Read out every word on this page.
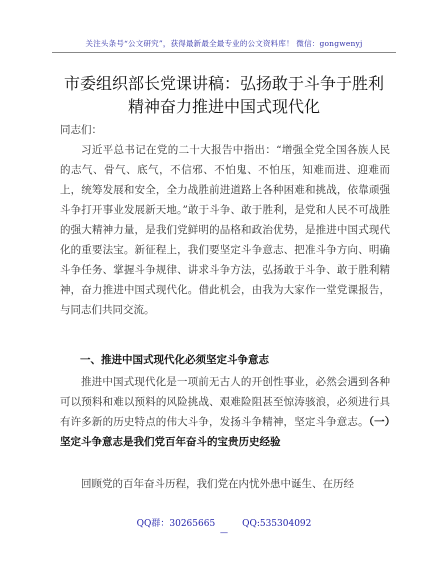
关注头条号“公文研究”，获得最新最全最专业的公文资料库！ 微信：gongwenyj
市委组织部长党课讲稿：弘扬敢于斗争于胜利
精神奋力推进中国式现代化
同志们：

习近平总书记在党的二十大报告中指出：“增强全党全国各族人民的志气、骨气、底气，不信邪、不怕鬼、不怕压，知难而进、迎难而上，统筹发展和安全，全力战胜前进道路上各种困难和挑战，依靠顽强斗争打开事业发展新天地。”敢于斗争、敢于胜利，是党和人民不可战胜的强大精神力量，是我们党鲜明的品格和政治优势，是推进中国式现代化的重要法宝。新征程上，我们要坚定斗争意志、把准斗争方向、明确斗争任务、掌握斗争规律、讲求斗争方法，弘扬敢于斗争、敢于胜利精神，奋力推进中国式现代化。借此机会，由我为大家作一堂党课报告，与同志们共同交流。

一、推进中国式现代化必须坚定斗争意志

推进中国式现代化是一项前无古人的开创性事业，必然会遇到各种可以预料和难以预料的风险挑战、艰难险阻甚至惊涛骇浪，必须进行具有许多新的历史特点的伟大斗争，发扬斗争精神，坚定斗争意志。（一）坚定斗争意志是我们党百年奋斗的宝贵历史经验

回顾党的百年奋斗历程，我们党在内忧外患中诞生、在历经

QQ群：30265665	QQ:535304092
—
